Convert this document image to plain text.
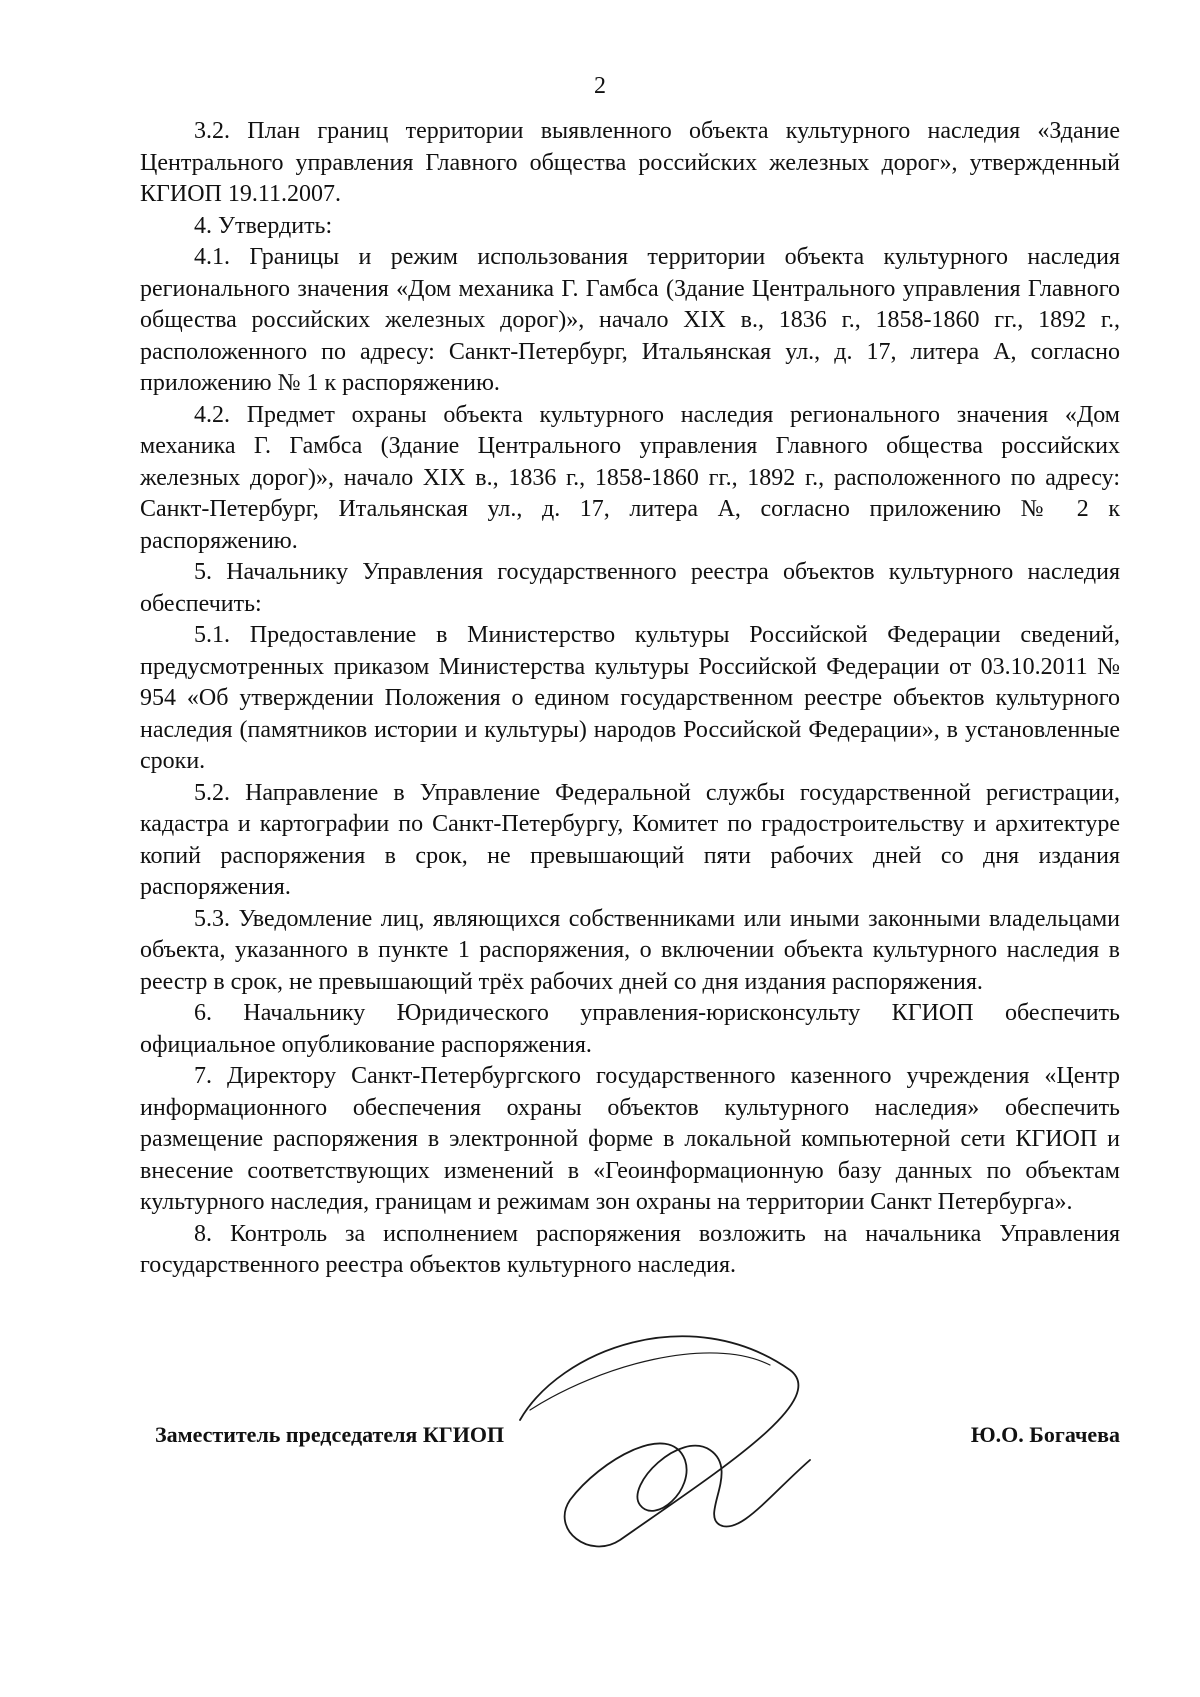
2

3.2. План границ территории выявленного объекта культурного наследия «Здание Центрального управления Главного общества российских железных дорог», утвержденный КГИОП 19.11.2007.

4. Утвердить:

4.1. Границы и режим использования территории объекта культурного наследия регионального значения «Дом механика Г. Гамбса (Здание Центрального управления Главного общества российских железных дорог)», начало XIX в., 1836 г., 1858-1860 гг., 1892 г., расположенного по адресу: Санкт-Петербург, Итальянская ул., д. 17, литера А, согласно приложению № 1 к распоряжению.

4.2. Предмет охраны объекта культурного наследия регионального значения «Дом механика Г. Гамбса (Здание Центрального управления Главного общества российских железных дорог)», начало XIX в., 1836 г., 1858-1860 гг., 1892 г., расположенного по адресу: Санкт-Петербург, Итальянская ул., д. 17, литера А, согласно приложению № 2 к распоряжению.

5. Начальнику Управления государственного реестра объектов культурного наследия обеспечить:

5.1. Предоставление в Министерство культуры Российской Федерации сведений, предусмотренных приказом Министерства культуры Российской Федерации от 03.10.2011 № 954 «Об утверждении Положения о едином государственном реестре объектов культурного наследия (памятников истории и культуры) народов Российской Федерации», в установленные сроки.

5.2. Направление в Управление Федеральной службы государственной регистрации, кадастра и картографии по Санкт-Петербургу, Комитет по градостроительству и архитектуре копий распоряжения в срок, не превышающий пяти рабочих дней со дня издания распоряжения.

5.3. Уведомление лиц, являющихся собственниками или иными законными владельцами объекта, указанного в пункте 1 распоряжения, о включении объекта культурного наследия в реестр в срок, не превышающий трёх рабочих дней со дня издания распоряжения.

6. Начальнику Юридического управления-юрисконсульту КГИОП обеспечить официальное опубликование распоряжения.

7. Директору Санкт-Петербургского государственного казенного учреждения «Центр информационного обеспечения охраны объектов культурного наследия» обеспечить размещение распоряжения в электронной форме в локальной компьютерной сети КГИОП и внесение соответствующих изменений в «Геоинформационную базу данных по объектам культурного наследия, границам и режимам зон охраны на территории Санкт Петербурга».

8. Контроль за исполнением распоряжения возложить на начальника Управления государственного реестра объектов культурного наследия.

Заместитель председателя КГИОП	Ю.О. Богачева
